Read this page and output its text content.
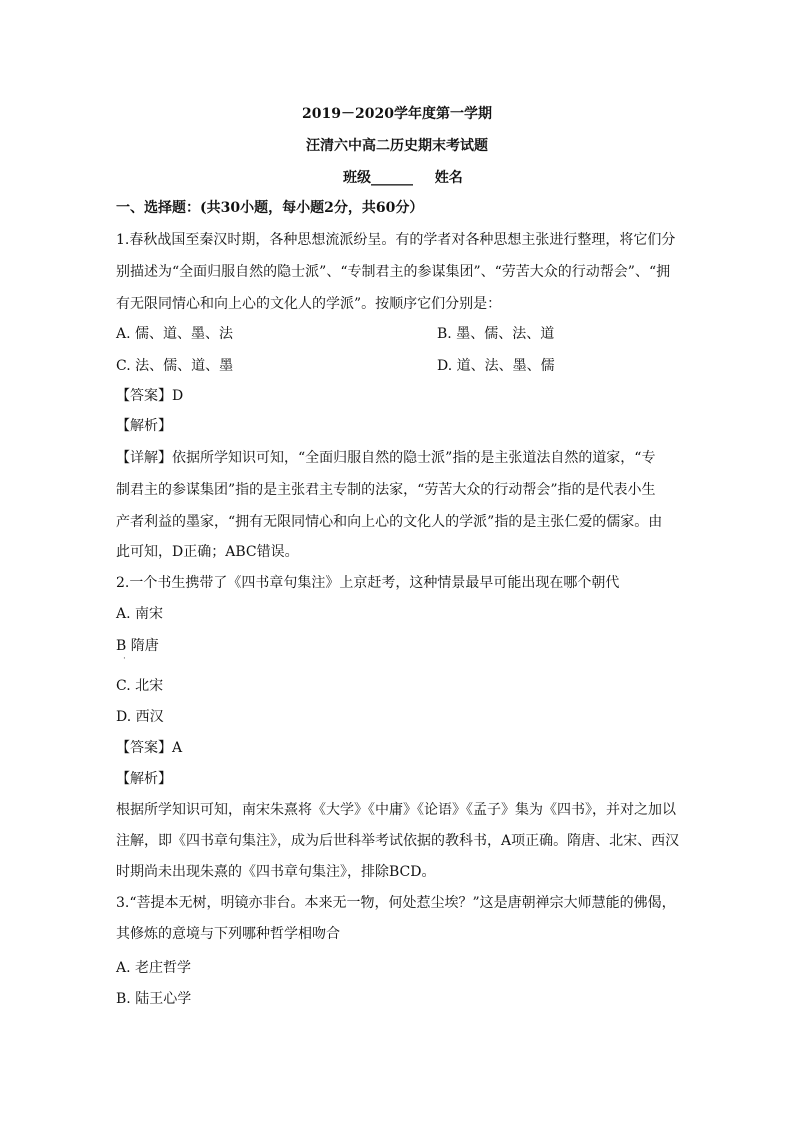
2019－2020学年度第一学期
汪清六中高二历史期末考试题
班级______ 姓名
一、选择题：(共30小题，每小题2分，共60分）
1.春秋战国至秦汉时期，各种思想流派纷呈。有的学者对各种思想主张进行整理，将它们分
别描述为“全面归服自然的隐士派”、“专制君主的参谋集团”、“劳苦大众的行动帮会”、“拥
有无限同情心和向上心的文化人的学派”。按顺序它们分别是：
A. 儒、道、墨、法	B. 墨、儒、法、道
C. 法、儒、道、墨	D. 道、法、墨、儒
【答案】D
【解析】
【详解】依据所学知识可知，“全面归服自然的隐士派”指的是主张道法自然的道家，“专
制君主的参谋集团”指的是主张君主专制的法家，“劳苦大众的行动帮会”指的是代表小生
产者利益的墨家，“拥有无限同情心和向上心的文化人的学派”指的是主张仁爱的儒家。由
此可知，D正确；ABC错误。
2.一个书生携带了《四书章句集注》上京赶考，这种情景最早可能出现在哪个朝代
A. 南宋
B 隋唐
·
C. 北宋
D. 西汉
【答案】A
【解析】
根据所学知识可知，南宋朱熹将《大学》《中庸》《论语》《孟子》集为《四书》，并对之加以
注解，即《四书章句集注》，成为后世科举考试依据的教科书，A项正确。隋唐、北宋、西汉
时期尚未出现朱熹的《四书章句集注》，排除BCD。
3.“菩提本无树，明镜亦非台。本来无一物，何处惹尘埃？”这是唐朝禅宗大师慧能的佛偈，
其修炼的意境与下列哪种哲学相吻合
A. 老庄哲学
B. 陆王心学
